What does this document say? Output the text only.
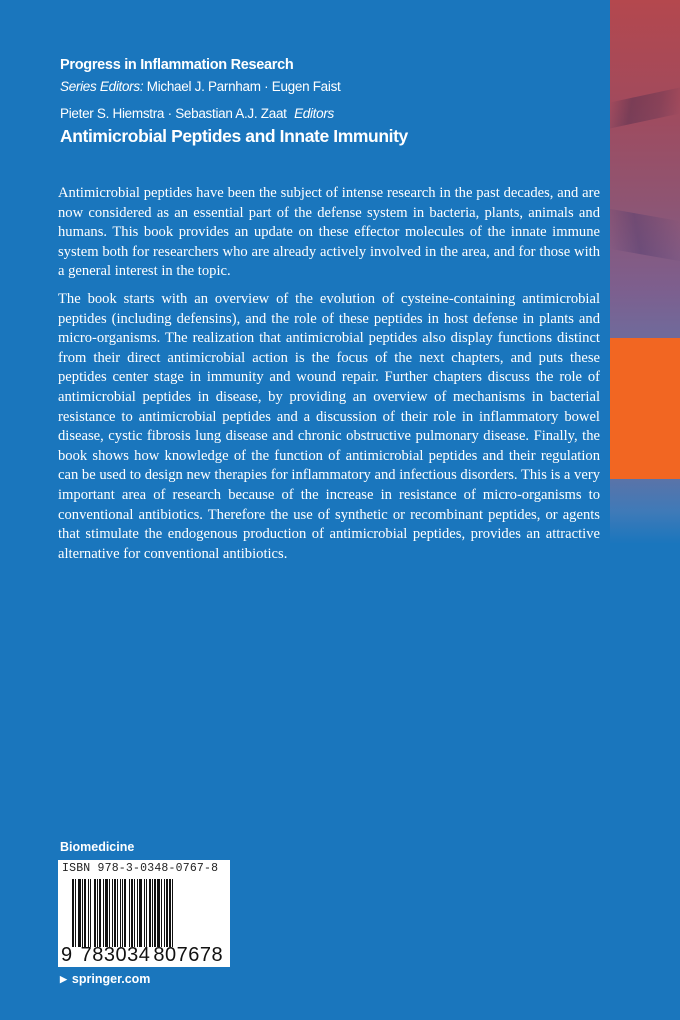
Progress in Inflammation Research
Series Editors: Michael J. Parnham · Eugen Faist
Pieter S. Hiemstra · Sebastian A.J. Zaat Editors
Antimicrobial Peptides and Innate Immunity

Antimicrobial peptides have been the subject of intense research in the past decades, and are now considered as an essential part of the defense system in bacteria, plants, animals and humans. This book provides an update on these effector molecules of the innate immune system both for researchers who are already actively involved in the area, and for those with a general interest in the topic.

The book starts with an overview of the evolution of cysteine-containing antimicrobial peptides (including defensins), and the role of these peptides in host defense in plants and micro-organisms. The realization that antimicrobial peptides also display functions distinct from their direct antimicrobial action is the focus of the next chapters, and puts these peptides center stage in immunity and wound repair. Further chapters discuss the role of antimicrobial peptides in disease, by providing an overview of mechanisms in bacterial resistance to antimicrobial peptides and a discussion of their role in inflammatory bowel disease, cystic fibrosis lung disease and chronic obstructive pulmonary disease. Finally, the book shows how knowledge of the function of antimicrobial peptides and their regulation can be used to design new therapies for inflammatory and infectious disorders. This is a very important area of research because of the increase in resistance of micro-organisms to conventional antibiotics. Therefore the use of synthetic or recombinant peptides, or agents that stimulate the endogenous production of antimicrobial peptides, provides an attractive alternative for conventional antibiotics.

Biomedicine
ISBN 978-3-0348-0767-8
9 783034 807678
▶ springer.com
